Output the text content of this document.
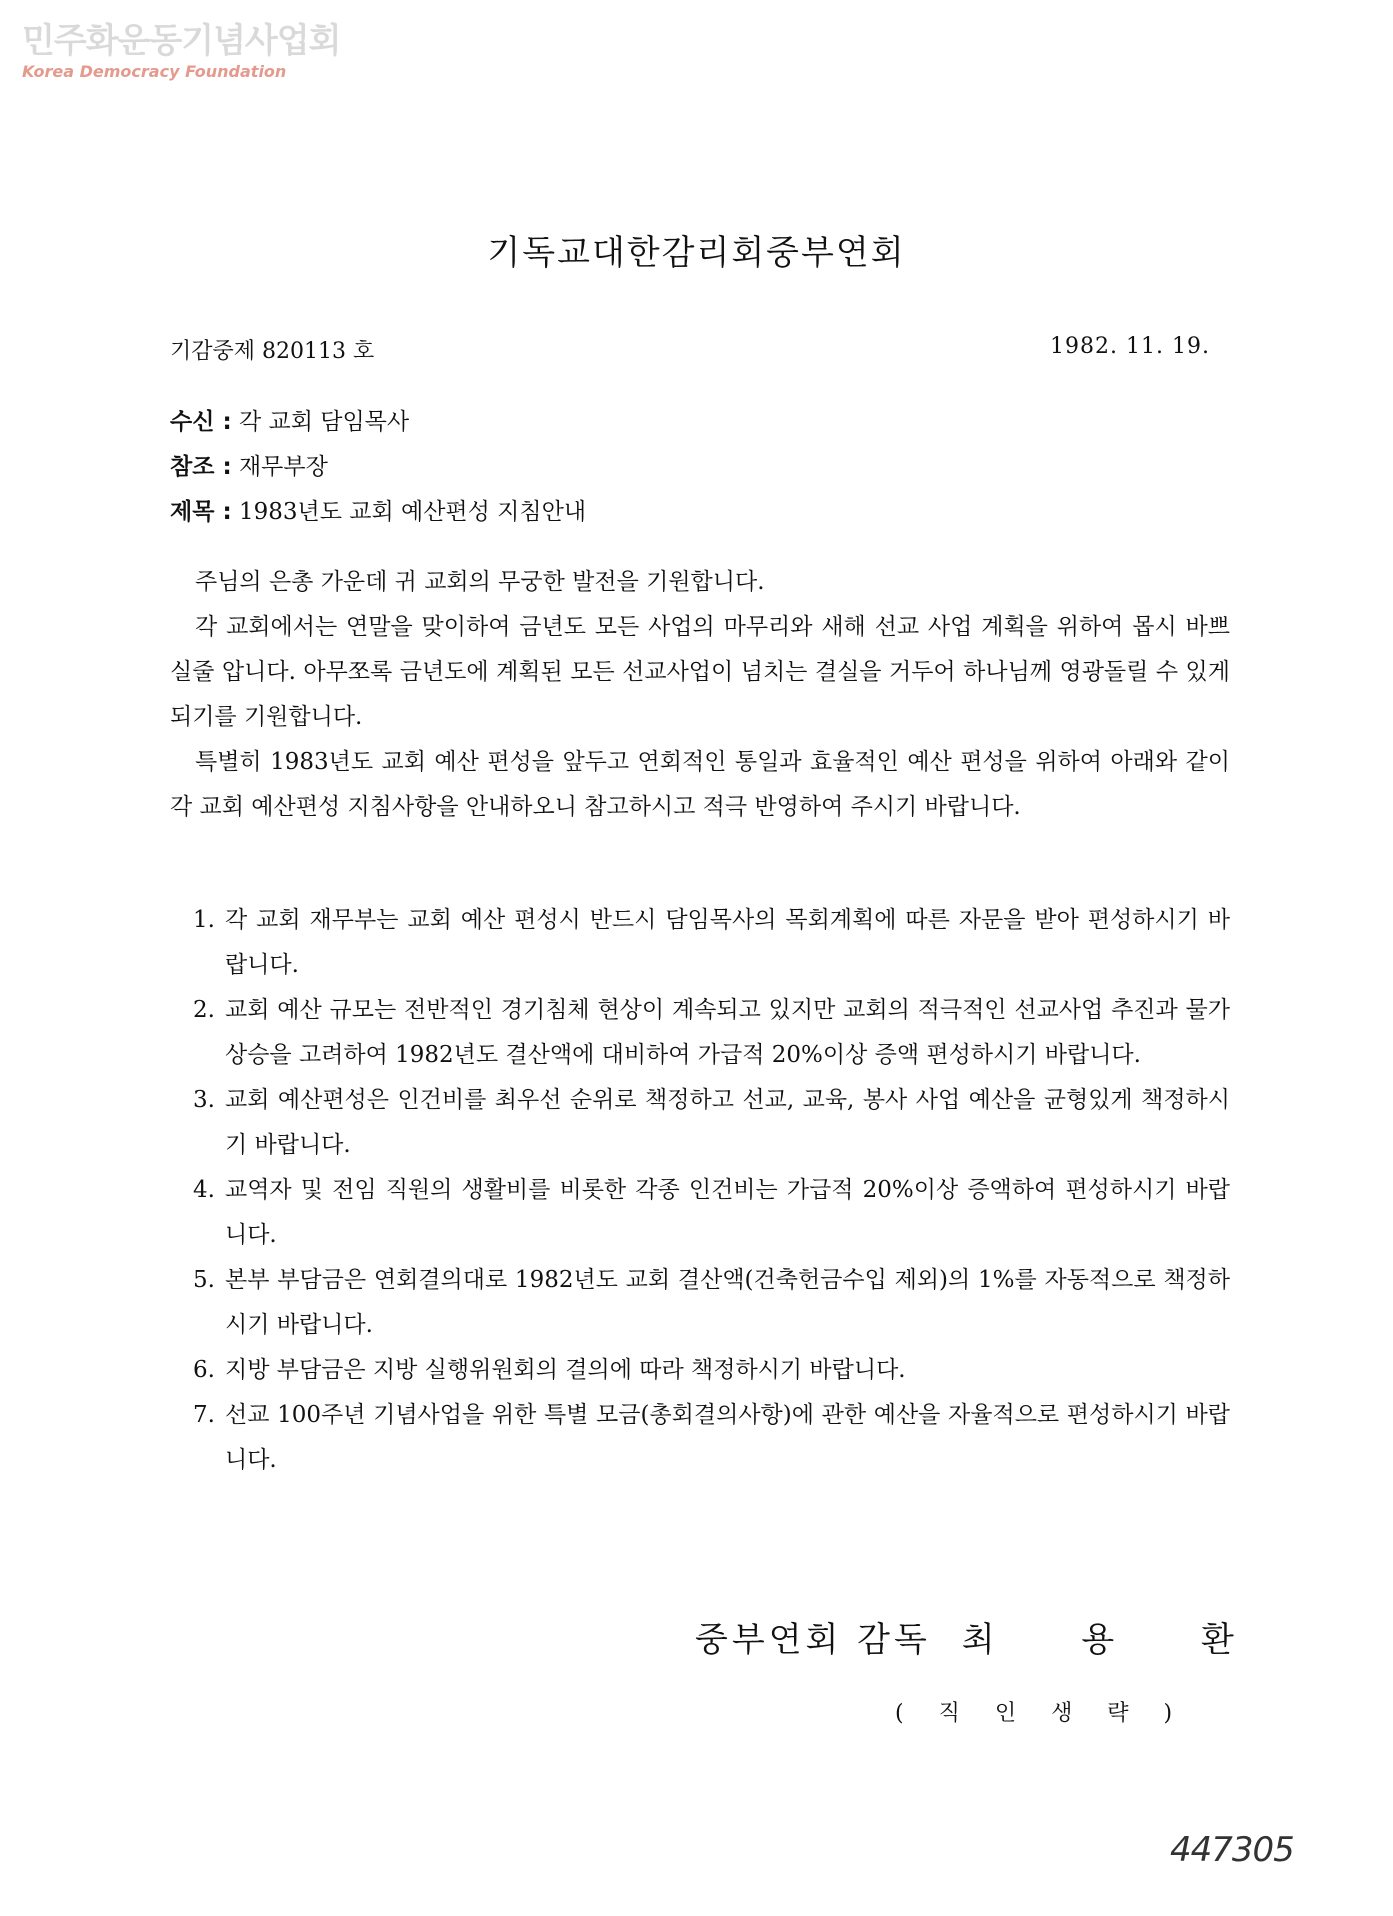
민주화운동기념사업회
Korea Democracy Foundation
기독교대한감리회중부연회
기감중제 820113 호	1982. 11. 19.
수신 : 각 교회 담임목사
참조 : 재무부장
제목 : 1983년도 교회 예산편성 지침안내

주님의 은총 가운데 귀 교회의 무궁한 발전을 기원합니다.

각 교회에서는 연말을 맞이하여 금년도 모든 사업의 마무리와 새해 선교 사업 계획을 위하여 몹시 바쁘실줄 압니다. 아무쪼록 금년도에 계획된 모든 선교사업이 넘치는 결실을 거두어 하나님께 영광돌릴 수 있게 되기를 기원합니다.

특별히 1983년도 교회 예산 편성을 앞두고 연회적인 통일과 효율적인 예산 편성을 위하여 아래와 같이 각 교회 예산편성 지침사항을 안내하오니 참고하시고 적극 반영하여 주시기 바랍니다.

1. 각 교회 재무부는 교회 예산 편성시 반드시 담임목사의 목회계획에 따른 자문을 받아 편성하시기 바랍니다.
2. 교회 예산 규모는 전반적인 경기침체 현상이 계속되고 있지만 교회의 적극적인 선교사업 추진과 물가 상승을 고려하여 1982년도 결산액에 대비하여 가급적 20%이상 증액 편성하시기 바랍니다.
3. 교회 예산편성은 인건비를 최우선 순위로 책정하고 선교, 교육, 봉사 사업 예산을 균형있게 책정하시기 바랍니다.
4. 교역자 및 전임 직원의 생활비를 비롯한 각종 인건비는 가급적 20%이상 증액하여 편성하시기 바랍니다.
5. 본부 부담금은 연회결의대로 1982년도 교회 결산액(건축헌금수입 제외)의 1%를 자동적으로 책정하시기 바랍니다.
6. 지방 부담금은 지방 실행위원회의 결의에 따라 책정하시기 바랍니다.
7. 선교 100주년 기념사업을 위한 특별 모금(총회결의사항)에 관한 예산을 자율적으로 편성하시기 바랍니다.
중부연회 감독 최 용 환
( 직 인 생 략 )
447305
